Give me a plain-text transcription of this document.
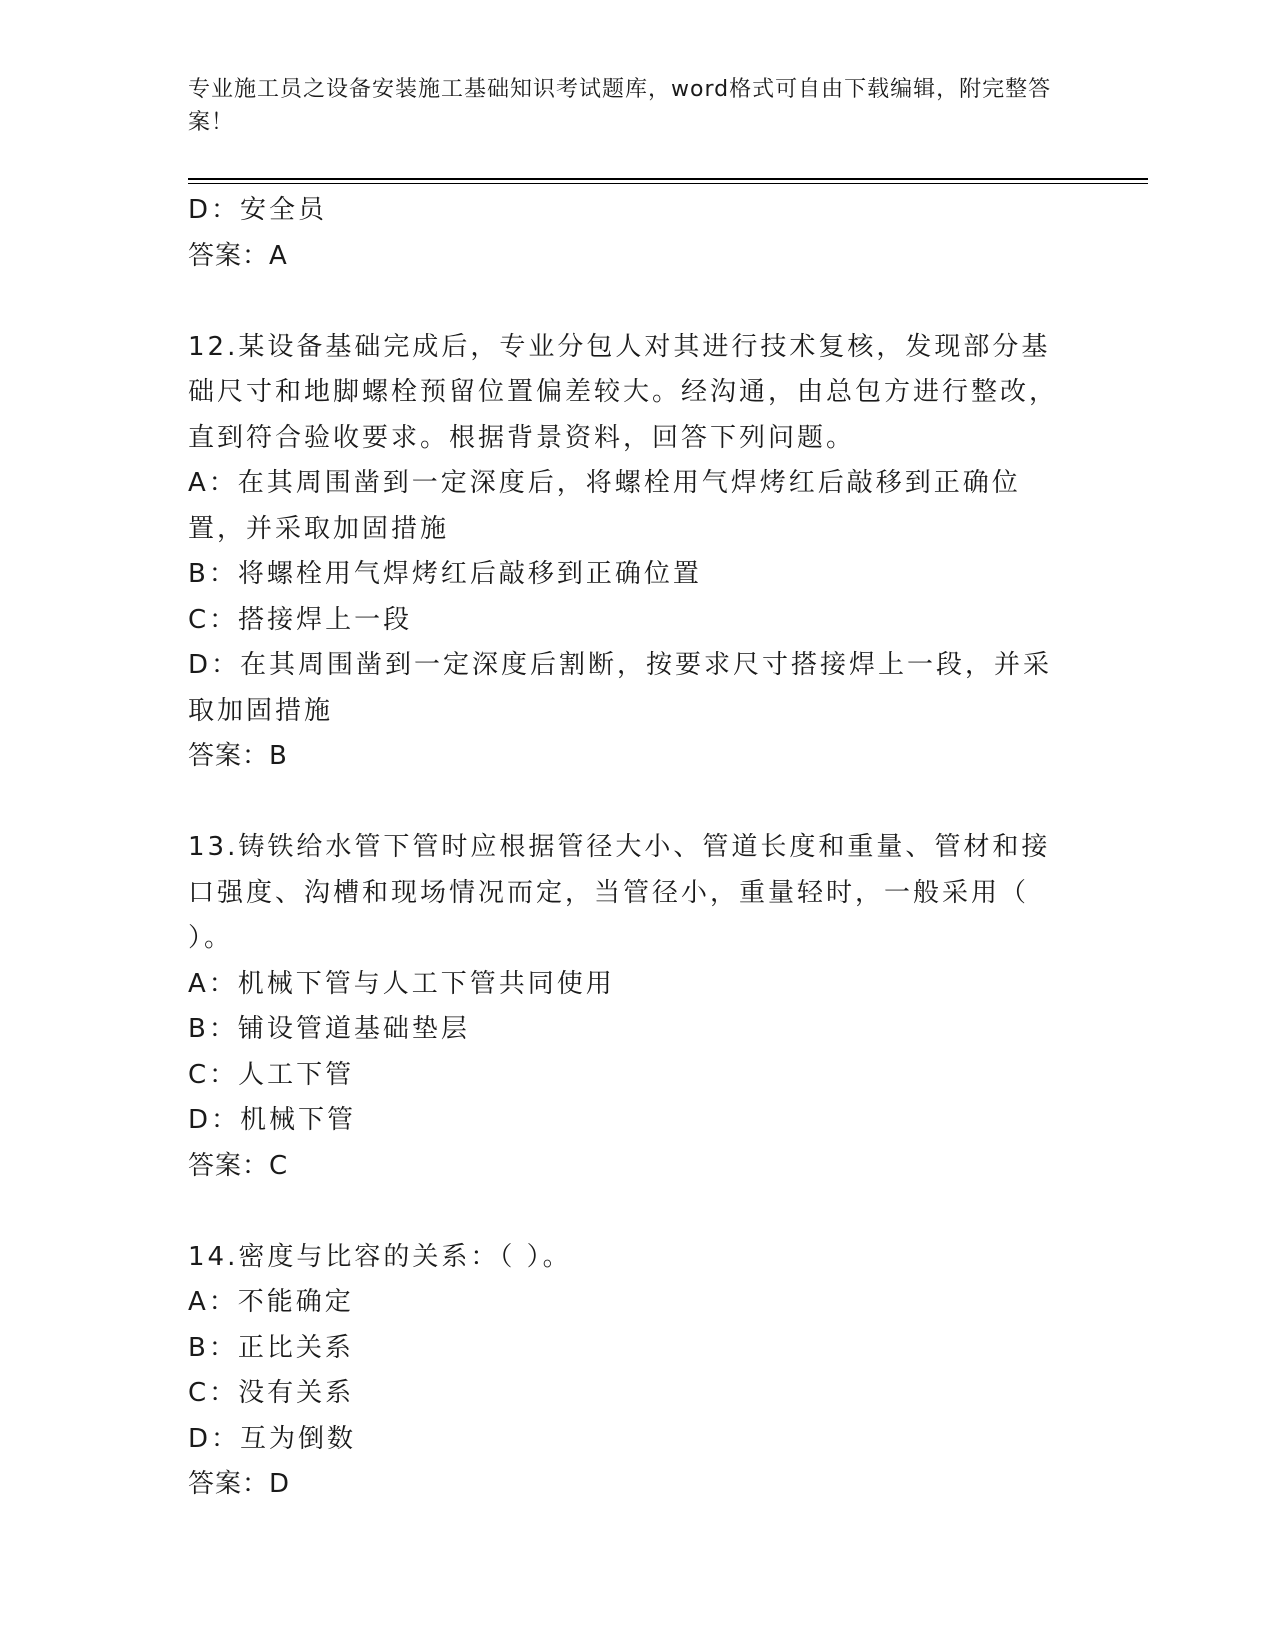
专业施工员之设备安装施工基础知识考试题库，word格式可自由下载编辑，附完整答案！

D：安全员

答案：A

12.某设备基础完成后，专业分包人对其进行技术复核，发现部分基础尺寸和地脚螺栓预留位置偏差较大。经沟通，由总包方进行整改，直到符合验收要求。根据背景资料，回答下列问题。

A：在其周围凿到一定深度后，将螺栓用气焊烤红后敲移到正确位置，并采取加固措施

B：将螺栓用气焊烤红后敲移到正确位置

C：搭接焊上一段

D：在其周围凿到一定深度后割断，按要求尺寸搭接焊上一段，并采取加固措施

答案：B

13.铸铁给水管下管时应根据管径大小、管道长度和重量、管材和接口强度、沟槽和现场情况而定，当管径小，重量轻时，一般采用（ ）。

A：机械下管与人工下管共同使用

B：铺设管道基础垫层

C：人工下管

D：机械下管

答案：C

14.密度与比容的关系：（ ）。

A：不能确定

B：正比关系

C：没有关系

D：互为倒数

答案：D
